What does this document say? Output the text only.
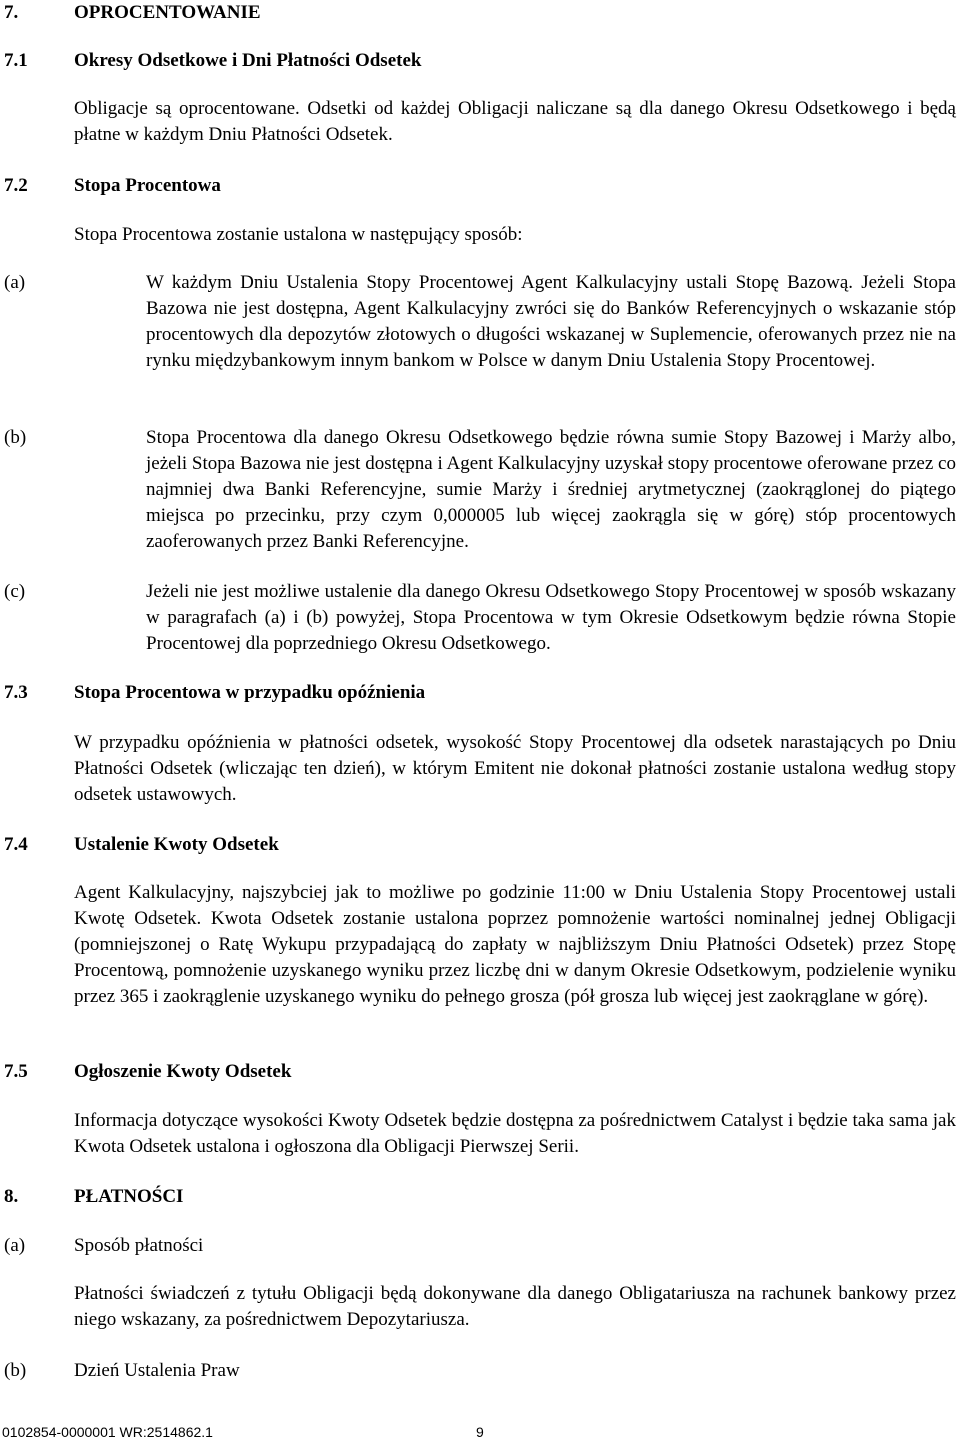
7.	OPROCENTOWANIE
7.1 Okresy Odsetkowe i Dni Płatności Odsetek
Obligacje są oprocentowane. Odsetki od każdej Obligacji naliczane są dla danego Okresu Odsetkowego i będą płatne w każdym Dniu Płatności Odsetek.
7.2 Stopa Procentowa
Stopa Procentowa zostanie ustalona w następujący sposób:
(a)	W każdym Dniu Ustalenia Stopy Procentowej Agent Kalkulacyjny ustali Stopę Bazową. Jeżeli Stopa Bazowa nie jest dostępna, Agent Kalkulacyjny zwróci się do Banków Referencyjnych o wskazanie stóp procentowych dla depozytów złotowych o długości wskazanej w Suplemencie, oferowanych przez nie na rynku międzybankowym innym bankom w Polsce w danym Dniu Ustalenia Stopy Procentowej.
(b)	Stopa Procentowa dla danego Okresu Odsetkowego będzie równa sumie Stopy Bazowej i Marży albo, jeżeli Stopa Bazowa nie jest dostępna i Agent Kalkulacyjny uzyskał stopy procentowe oferowane przez co najmniej dwa Banki Referencyjne, sumie Marży i średniej arytmetycznej (zaokrąglonej do piątego miejsca po przecinku, przy czym 0,000005 lub więcej zaokrągla się w górę) stóp procentowych zaoferowanych przez Banki Referencyjne.
(c)	Jeżeli nie jest możliwe ustalenie dla danego Okresu Odsetkowego Stopy Procentowej w sposób wskazany w paragrafach (a) i (b) powyżej, Stopa Procentowa w tym Okresie Odsetkowym będzie równa Stopie Procentowej dla poprzedniego Okresu Odsetkowego.
7.3 Stopa Procentowa w przypadku opóźnienia
W przypadku opóźnienia w płatności odsetek, wysokość Stopy Procentowej dla odsetek narastających po Dniu Płatności Odsetek (wliczając ten dzień), w którym Emitent nie dokonał płatności zostanie ustalona według stopy odsetek ustawowych.
7.4 Ustalenie Kwoty Odsetek
Agent Kalkulacyjny, najszybciej jak to możliwe po godzinie 11:00 w Dniu Ustalenia Stopy Procentowej ustali Kwotę Odsetek. Kwota Odsetek zostanie ustalona poprzez pomnożenie wartości nominalnej jednej Obligacji (pomniejszonej o Ratę Wykupu przypadającą do zapłaty w najbliższym Dniu Płatności Odsetek) przez Stopę Procentową, pomnożenie uzyskanego wyniku przez liczbę dni w danym Okresie Odsetkowym, podzielenie wyniku przez 365 i zaokrąglenie uzyskanego wyniku do pełnego grosza (pół grosza lub więcej jest zaokrąglane w górę).
7.5 Ogłoszenie Kwoty Odsetek
Informacja dotyczące wysokości Kwoty Odsetek będzie dostępna za pośrednictwem Catalyst i będzie taka sama jak Kwota Odsetek ustalona i ogłoszona dla Obligacji Pierwszej Serii.
8.	PŁATNOŚCI
(a)	Sposób płatności
Płatności świadczeń z tytułu Obligacji będą dokonywane dla danego Obligatariusza na rachunek bankowy przez niego wskazany, za pośrednictwem Depozytariusza.
(b)	Dzień Ustalenia Praw
0102854-0000001 WR:2514862.1	9
